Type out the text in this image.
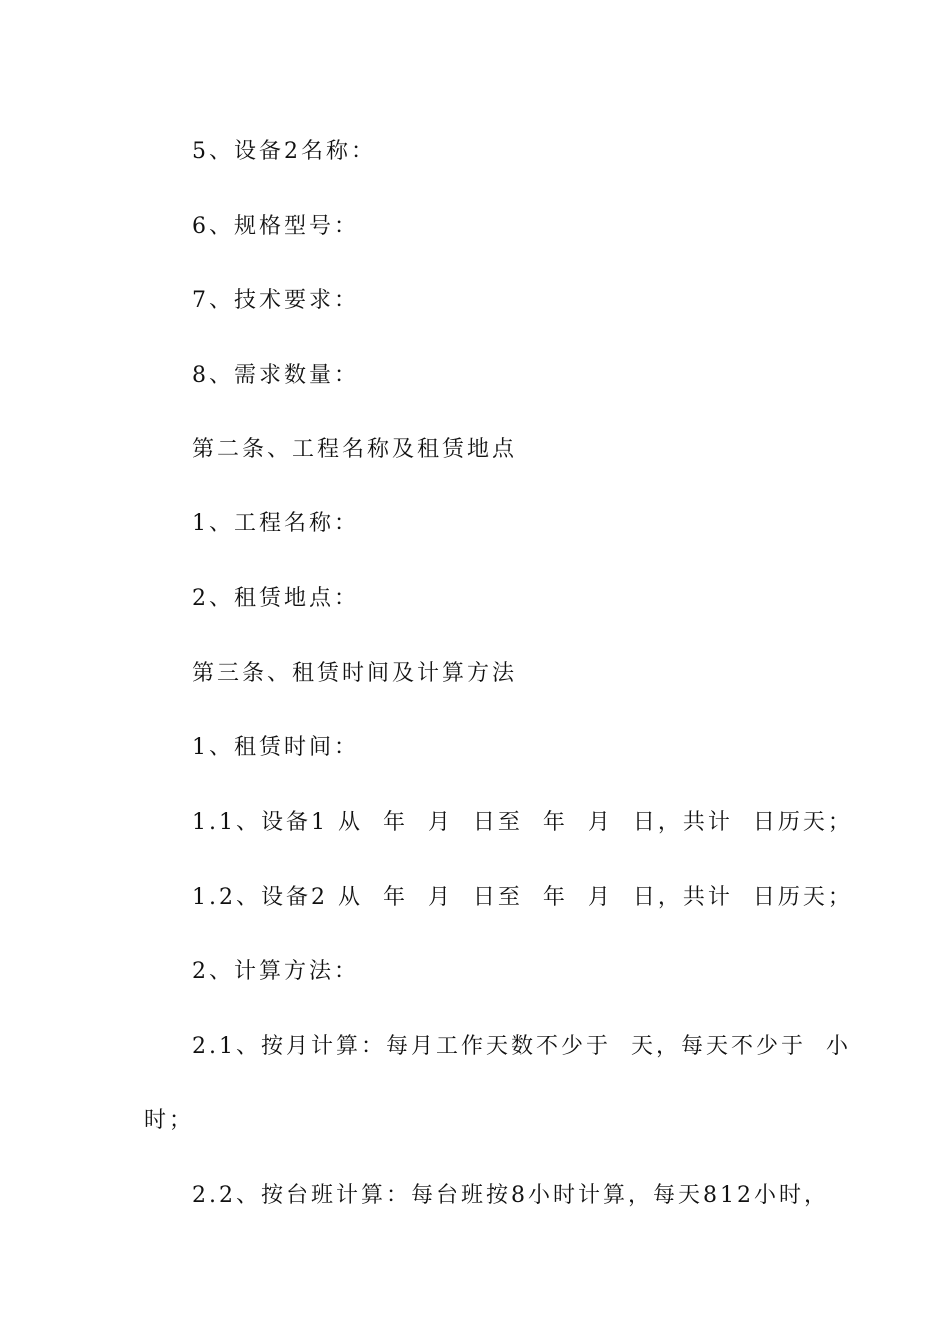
5、设备2名称：
6、规格型号：
7、技术要求：
8、需求数量：
第二条、工程名称及租赁地点
1、工程名称：
2、租赁地点：
第三条、租赁时间及计算方法
1、租赁时间：
1.1、设备1 从  年  月  日至  年  月  日，共计  日历天；
1.2、设备2 从  年  月  日至  年  月  日，共计  日历天；
2、计算方法：
2.1、按月计算：每月工作天数不少于  天，每天不少于  小
时；
2.2、按台班计算：每台班按8小时计算，每天812小时，
